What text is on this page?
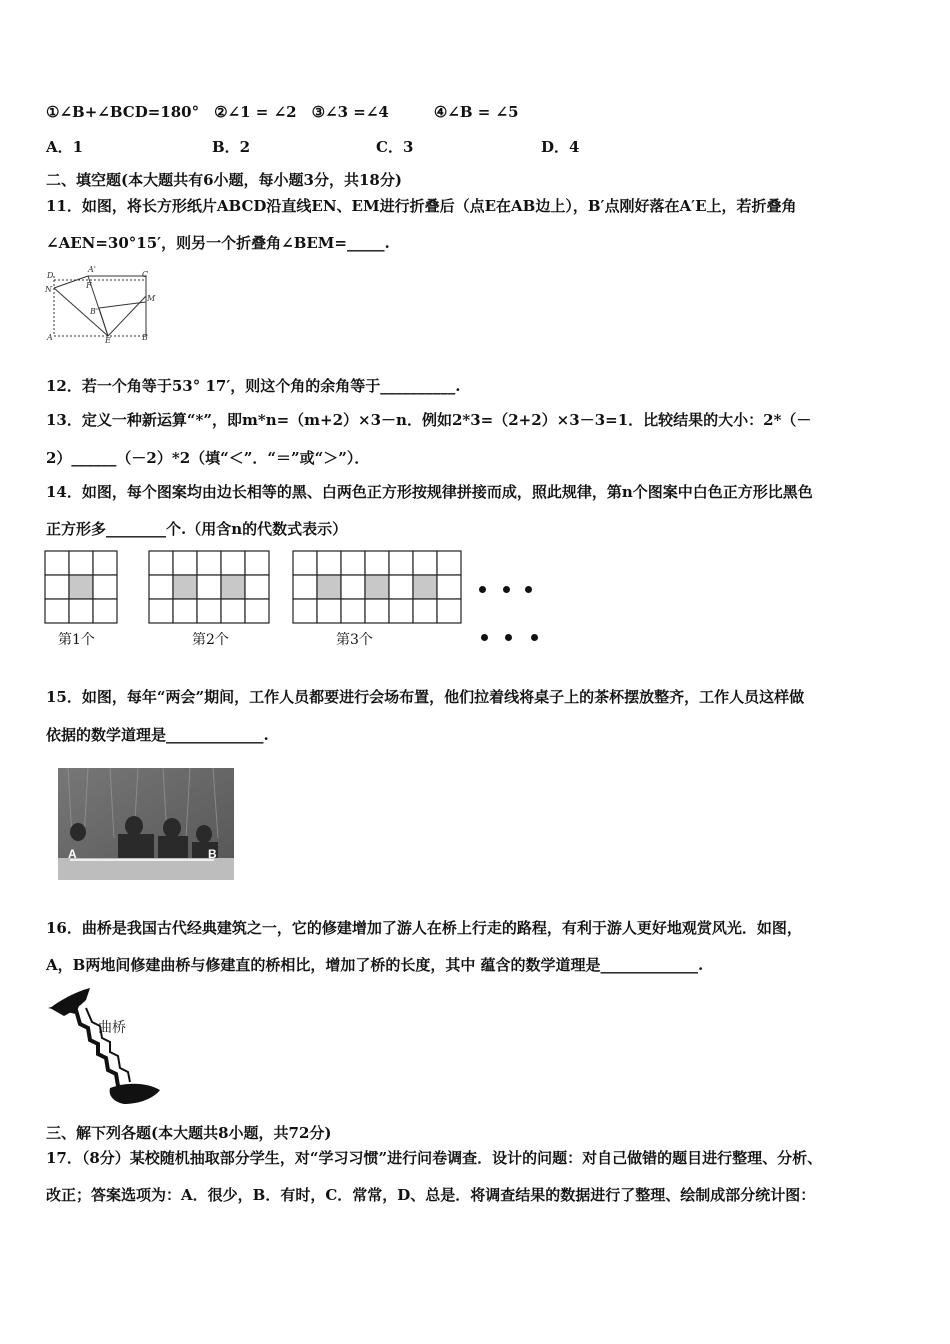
①∠B+∠BCD=180°　②∠1 = ∠2　③∠3 =∠4　　　④∠B = ∠5
A．1	B．2	C．3	D．4
二、填空题(本大题共有6小题，每小题3分，共18分)
11．如图，将长方形纸片ABCD沿直线EN、EM进行折叠后（点E在AB边上），B′点刚好落在A′E上，若折叠角
∠AEN=30°15′，则另一个折叠角∠BEM=_____.
D
A'
C
N	F
M
B'
A	E	B
12．若一个角等于53° 17′，则这个角的余角等于__________.
13．定义一种新运算“*”，即m*n=（m+2）×3－n．例如2*3=（2+2）×3－3=1．比较结果的大小：2*（－
2）______（－2）*2（填“＜”．“＝”或“＞”）．
14．如图，每个图案均由边长相等的黑、白两色正方形按规律拼接而成，照此规律，第n个图案中白色正方形比黑色
正方形多________个.（用含n的代数式表示）
第1个	第2个	第3个
15．如图，每年“两会”期间，工作人员都要进行会场布置，他们拉着线将桌子上的茶杯摆放整齐，工作人员这样做
依据的数学道理是_____________.
A	B
16．曲桥是我国古代经典建筑之一，它的修建增加了游人在桥上行走的路程，有利于游人更好地观赏风光．如图，
A，B两地间修建曲桥与修建直的桥相比，增加了桥的长度，其中 蕴含的数学道理是_____________.
曲桥
三、解下列各题(本大题共8小题，共72分)
17．（8分）某校随机抽取部分学生，对“学习习惯”进行问卷调查．设计的问题：对自己做错的题目进行整理、分析、
改正；答案选项为：A．很少，B．有时，C．常常，D、总是．将调查结果的数据进行了整理、绘制成部分统计图：
